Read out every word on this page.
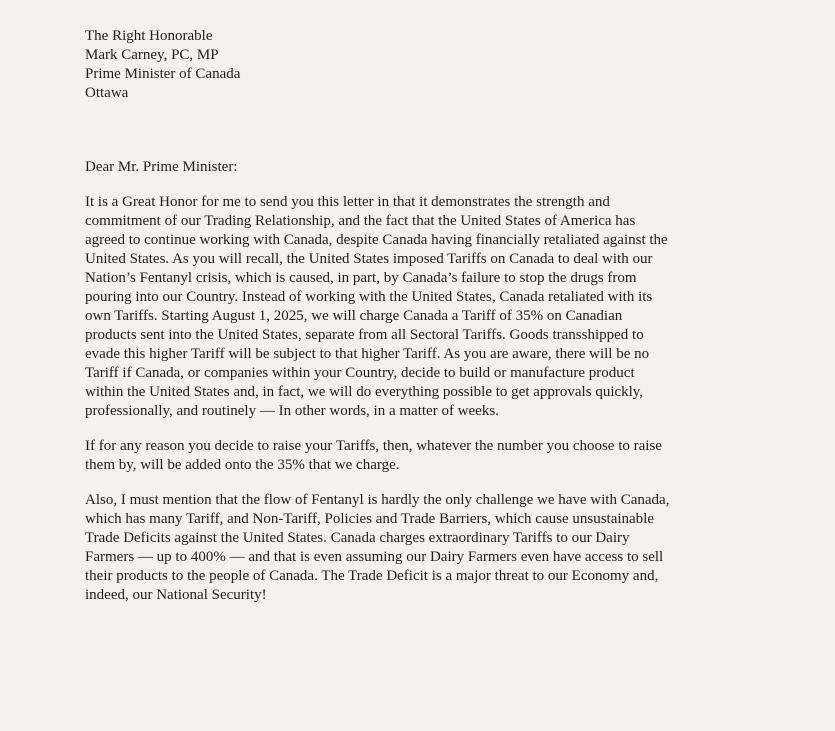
The Right Honorable
Mark Carney, PC, MP
Prime Minister of Canada
Ottawa
Dear Mr. Prime Minister:
It is a Great Honor for me to send you this letter in that it demonstrates the strength and
commitment of our Trading Relationship, and the fact that the United States of America has
agreed to continue working with Canada, despite Canada having financially retaliated against the
United States. As you will recall, the United States imposed Tariffs on Canada to deal with our
Nation’s Fentanyl crisis, which is caused, in part, by Canada’s failure to stop the drugs from
pouring into our Country. Instead of working with the United States, Canada retaliated with its
own Tariffs. Starting August 1, 2025, we will charge Canada a Tariff of 35% on Canadian
products sent into the United States, separate from all Sectoral Tariffs. Goods transshipped to
evade this higher Tariff will be subject to that higher Tariff. As you are aware, there will be no
Tariff if Canada, or companies within your Country, decide to build or manufacture product
within the United States and, in fact, we will do everything possible to get approvals quickly,
professionally, and routinely — In other words, in a matter of weeks.
If for any reason you decide to raise your Tariffs, then, whatever the number you choose to raise
them by, will be added onto the 35% that we charge.
Also, I must mention that the flow of Fentanyl is hardly the only challenge we have with Canada,
which has many Tariff, and Non-Tariff, Policies and Trade Barriers, which cause unsustainable
Trade Deficits against the United States. Canada charges extraordinary Tariffs to our Dairy
Farmers — up to 400% — and that is even assuming our Dairy Farmers even have access to sell
their products to the people of Canada. The Trade Deficit is a major threat to our Economy and,
indeed, our National Security!
